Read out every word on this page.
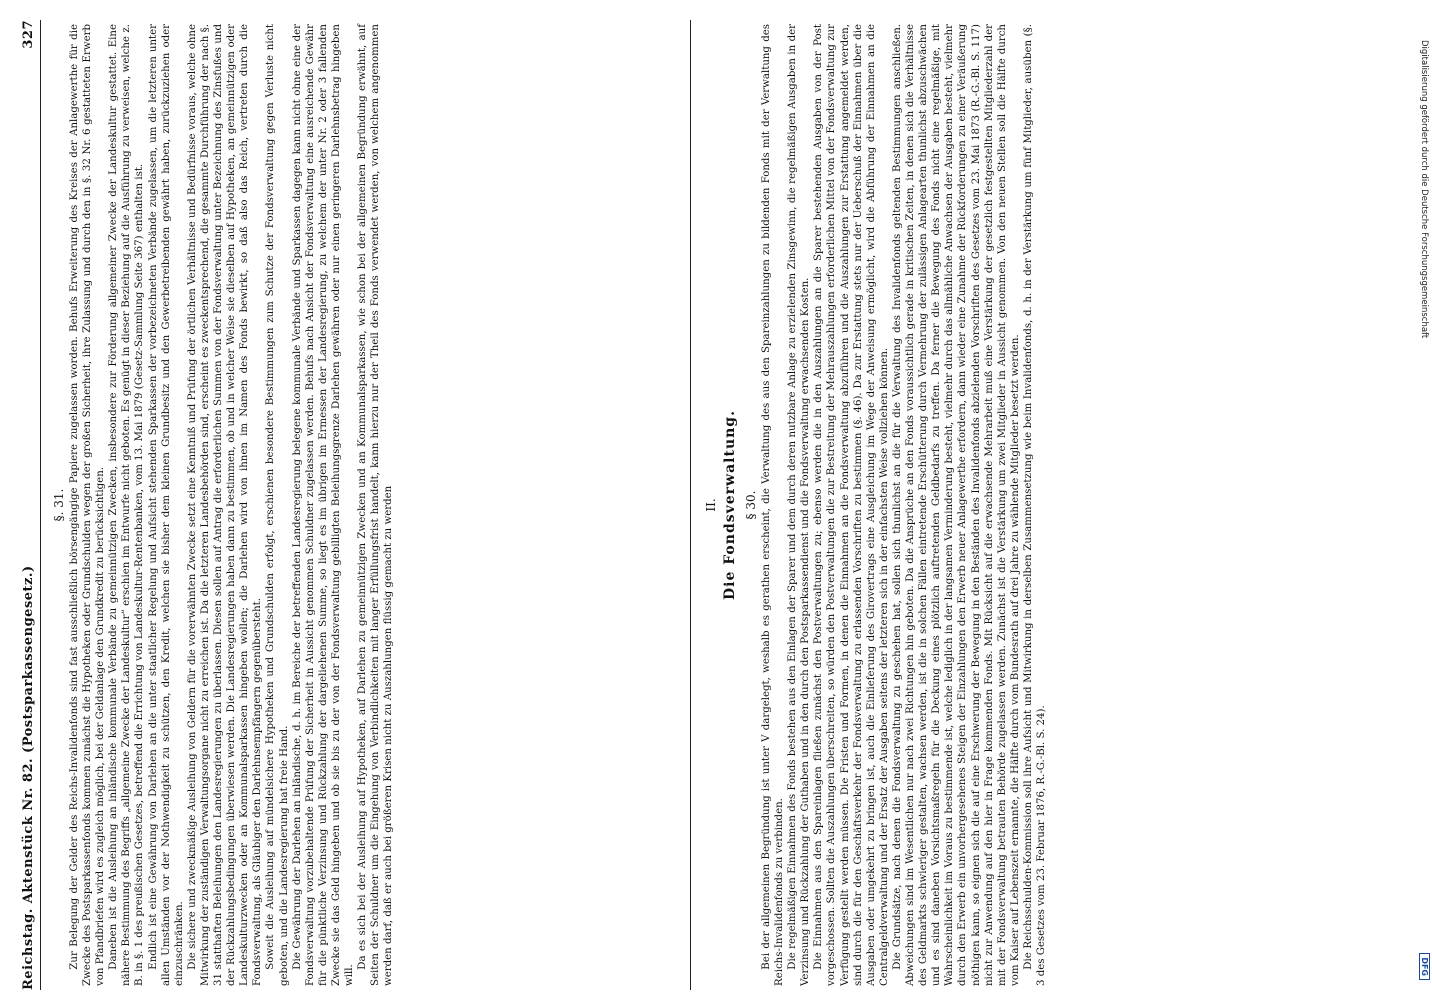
Reichstag. Aktenstück Nr. 82. (Postsparkassengesetz.)
327
§. 31. Zur Belegung der Gelder des Reichs-Invalidenfonds sind fast ausschließlich börsengängige Papiere zugelassen worden. Behufs Erweiterung des Kreises der Anlagewerthe für die Zwecke des Postsparkassenfonds kommen zunächst die Hypotheken oder Grundschulden wegen der großen Sicherheit, ihre Zulassung und durch den in §. 32 Nr. 6 gestatteten Erwerb von Pfandbriefen wird es zugleich möglich, bei der Geldanlage den Grundkredit zu berücksichtigen. Daneben ist die Ausleihung an inländische kommunale Verbände zu gemeinnützigen Zwecken, insbesondere zur Förderung allgemeiner Zwecke der Landeskultur gestattet. Eine nähere Bestimmung des Begriffs „allgemeine Zwecke der Landeskultur“ erschien im Entwurfe nicht geboten. Es genügt in dieser Beziehung auf die Ausführung zu verweisen, welche z. B. in §. 1 des preußischen Gesetzes, betreffend die Errichtung von Landeskultur-Rentenbanken, vom 13. Mai 1879 (Gesetz-Sammlung Seite 367) enthalten ist. Endlich ist eine Gewährung von Darlehen an die unter staatlicher Regelung und Aufsicht stehenden Sparkassen der vorbezeichneten Verbände zugelassen, um die letzteren unter allen Umständen vor der Nothwendigkeit zu schützen, den Kredit, welchen sie bisher dem kleinen Grundbesitz und den Gewerbetreibenden gewährt haben, zurückzuziehen oder einzuschränken. Die sichere und zweckmäßige Ausleihung von Geldern für die vorerwähnten Zwecke setzt eine Kenntniß und Prüfung der örtlichen Verhältnisse und Bedürfnisse voraus, welche ohne Mitwirkung der zuständigen Verwaltungsorgane nicht zu erreichen ist. Da die letzteren Landesbehörden sind, erscheint es zweckentsprechend, die gesammte Durchführung der nach §. 31 statthaften Beleihungen den Landesregierungen zu überlassen. Diesen sollen auf Antrag die erforderlichen Summen von der Fondsverwaltung unter Bezeichnung des Zinsfußes und der Rückzahlungsbedingungen überwiesen werden. Die Landesregierungen haben dann zu bestimmen, ob und in welcher Weise sie dieselben auf Hypotheken, an gemeinnützigen oder Landeskulturzwecken oder an Kommunalsparkassen hingeben wollen; die Darlehen wird von ihnen im Namen des Fonds bewirkt, so daß also das Reich, vertreten durch die Fondsverwaltung, als Gläubiger den Darlehnsempfängern gegenübersteht. Soweit die Ausleihung auf mündelsichere Hypotheken und Grundschulden erfolgt, erschienen besondere Bestimmungen zum Schutze der Fondsverwaltung gegen Verluste nicht geboten, und die Landesregierung hat freie Hand. Die Gewährung der Darlehen an inländische, d. h. im Bereiche der betreffenden Landesregierung belegene kommunale Verbände und Sparkassen dagegen kann nicht ohne eine der Fondsverwaltung vorzubehaltende Prüfung der Sicherheit in Aussicht genommen Schuldner zugelassen werden. Behufs nach Ansicht der Fondsverwaltung eine ausreichende Gewähr für die pünktliche Verzinsung und Rückzahlung der dargeliehenen Summe, so liegt es im übrigen im Ermessen der Landesregierung, zu welchem der unter Nr. 2 oder 3 fallenden Zwecke sie das Geld hingeben und ob sie bis zu der von der Fondsverwaltung gebilligten Beleihungsgrenze Darlehen gewähren oder nur einen geringeren Darlehnsbetrag hingeben will.

Da es sich bei der Ausleihung auf Hypotheken, auf Darlehen zu gemeinnützigen Zwecken und an Kommunalsparkassen, wie schon bei der allgemeinen Begründung erwähnt, auf Seiten der Schuldner um die Eingehung von Verbindlichkeiten mit langer Erfüllungsfrist handelt, kann hierzu nur der Theil des Fonds verwendet werden, von welchem angenommen werden darf, daß er auch bei größeren Krisen nicht zu Auszahlungen flüssig gemacht zu werden	II. Die Fondsverwaltung. § 30. Bei der allgemeinen Begründung ist unter V dargelegt, weshalb es gerathen erscheint, die Verwaltung des aus den Spareinzahlungen zu bildenden Fonds mit der Verwaltung des Reichs-Invalidenfonds zu verbinden. Die regelmäßigen Einnahmen des Fonds bestehen aus den Einlagen der Sparer und dem durch deren nutzbare Anlage zu erzielenden Zinsgewinn, die regelmäßigen Ausgaben in der Verzinsung und Rückzahlung der Guthaben und in den durch den Postsparkassendienst und die Fondsverwaltung erwachsenden Kosten. Die Einnahmen aus den Spareinlagen fließen zunächst den Postverwaltungen zu; ebenso werden die in den Auszahlungen an die Sparer bestehenden Ausgaben von der Post vorgeschossen. Sollten die Auszahlungen überschreiten, so würden den Postverwaltungen die zur Bestreitung der Mehrauszahlungen erforderlichen Mittel von der Fondsverwaltung zur Verfügung gestellt werden müssen. Die Fristen und Formen, in denen die Einnahmen an die Fondsverwaltung abzuführen und die Auszahlungen zur Erstattung angemeldet werden, sind durch die für den Geschäftsverkehr der Fondsverwaltung zu erlassenden Vorschriften zu bestimmen (§. 46). Da zur Erstattung stets nur der Ueberschuß der Einnahmen über die Ausgaben oder umgekehrt zu bringen ist, auch die Einlieferung des Girovertrags eine Ausgleichung im Wege der Anweisung ermöglicht, wird die Abführung der Einnahmen an die Centralgeldverwaltung und der Ersatz der Ausgaben seitens der letzteren sich in der einfachsten Weise vollziehen können. Die Grundsätze, nach denen die Fondsverwaltung zu geschehen hat, sollen sich thunlichst an die für die Verwaltung des Invalidenfonds geltenden Bestimmungen anschließen. Abweichungen sind im Wesentlichen nur nach zwei Richtungen hin geboten. Da die Ansprüche an den Fonds voraussichtlich gerade in kritischen Zeiten, in denen sich die Verhältnisse des Geldmarkts schwieriger gestalten, wachsen werden, ist die in solchen Fällen eintretende Erschütterung durch Vermehrung der zulässigen Anlagearten thunlichst abzuschwächen und es sind daneben Vorsichtsmaßregeln für die Deckung eines plötzlich auftretenden Geldbedarfs zu treffen. Da ferner die Bewegung des Fonds nicht eine regelmäßige, mit Wahrscheinlichkeit im Voraus zu bestimmende ist, welche lediglich in der langsamen Verminderung besteht, vielmehr durch das allmähliche Anwachsen der Ausgaben besteht, vielmehr durch den Erwerb ein unvorhergesehenes Steigen der Einzahlungen den Erwerb neuer Anlagewerthe erfordern, dann wieder eine Zunahme der Rückforderungen zu einer Veräußerung nöthigen kann, so eignen sich die auf eine Erschwerung der Bewegung in den Beständen des Invalidenfonds abzielenden Vorschriften des Gesetzes vom 23. Mai 1873 (R.-G.-Bl. S. 117) nicht zur Anwendung auf den hier in Frage kommenden Fonds. Mit Rücksicht auf die erwachsende Mehrarbeit muß eine Verstärkung der gesetzlich festgestellten Mitgliederzahl der mit der Fondsverwaltung betrauten Behörde zugelassen werden. Zunächst ist die Verstärkung um zwei Mitglieder in Aussicht genommen. Von den neuen Stellen soll die Hälfte durch vom Kaiser auf Lebenszeit ernannte, die Hälfte durch vom Bundesrath auf drei Jahre zu wählende Mitglieder besetzt werden. Die Reichsschulden-Kommission soll ihre Aufsicht und Mitwirkung in derselben Zusammensetzung wie beim Invalidenfonds, d. h. in der Verstärkung um fünf Mitglieder, ausüben (§. 3 des Gesetzes vom 23. Februar 1876, R.-G.-Bl. S. 24).

Digitalisierung gefördert durch die Deutsche Forschungsgemeinschaft
DFG
